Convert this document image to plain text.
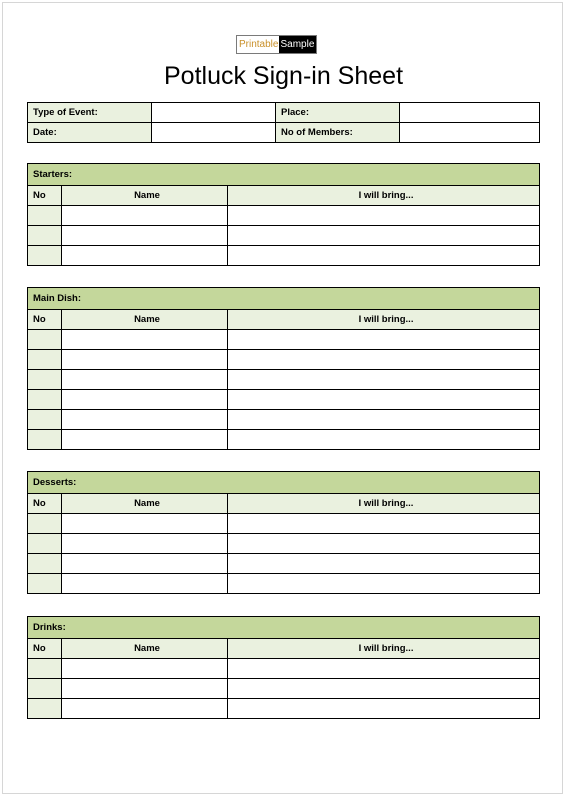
Printable Sample
Potluck Sign-in Sheet
Type of Event:		Place:	
Date:		No of Members:	
Starters:		
No	Name	I will bring...

Main Dish:		
No	Name	I will bring...

Desserts:		
No	Name	I will bring...

Drinks:		
No	Name	I will bring...
